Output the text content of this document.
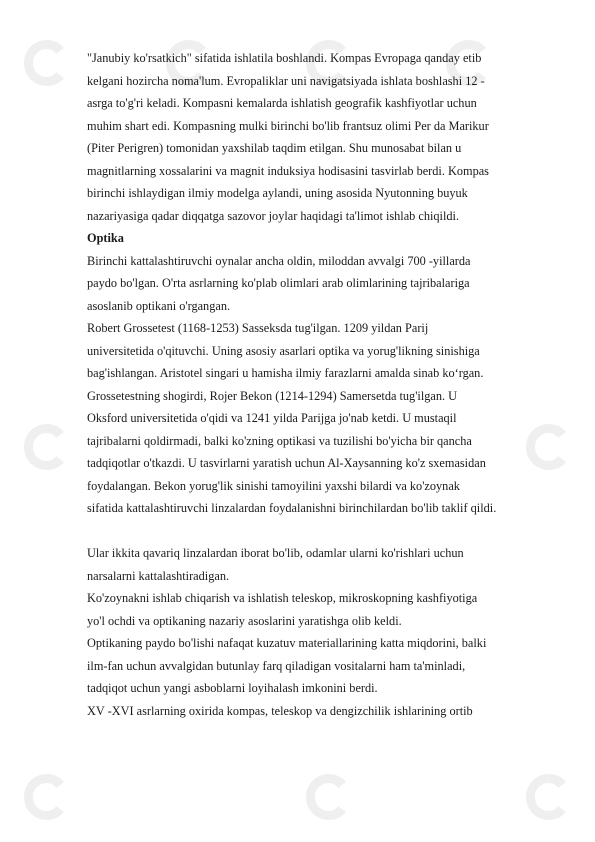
"Janubiy ko'rsatkich" sifatida ishlatila boshlandi. Kompas Evropaga qanday etib
kelgani hozircha noma'lum. Evropaliklar uni navigatsiyada ishlata boshlashi 12 -
asrga to'g'ri keladi. Kompasni kemalarda ishlatish geografik kashfiyotlar uchun
muhim shart edi. Kompasning mulki birinchi bo'lib frantsuz olimi Per da Marikur
(Piter Perigren) tomonidan yaxshilab taqdim etilgan. Shu munosabat bilan u
magnitlarning xossalarini va magnit induksiya hodisasini tasvirlab berdi. Kompas
birinchi ishlaydigan ilmiy modelga aylandi, uning asosida Nyutonning buyuk
nazariyasiga qadar diqqatga sazovor joylar haqidagi ta'limot ishlab chiqildi.
Optika
Birinchi kattalashtiruvchi oynalar ancha oldin, miloddan avvalgi 700 -yillarda
paydo bo'lgan. O'rta asrlarning ko'plab olimlari arab olimlarining tajribalariga
asoslanib optikani o'rgangan.
Robert Grossetest (1168-1253) Sasseksda tug'ilgan. 1209 yildan Parij
universitetida o'qituvchi. Uning asosiy asarlari optika va yorug'likning sinishiga
bag'ishlangan. Aristotel singari u hamisha ilmiy farazlarni amalda sinab ko‘rgan.
Grossetestning shogirdi, Rojer Bekon (1214-1294) Samersetda tug'ilgan. U
Oksford universitetida o'qidi va 1241 yilda Parijga jo'nab ketdi. U mustaqil
tajribalarni qoldirmadi, balki ko'zning optikasi va tuzilishi bo'yicha bir qancha
tadqiqotlar o'tkazdi. U tasvirlarni yaratish uchun Al-Xaysanning ko'z sxemasidan
foydalangan. Bekon yorug'lik sinishi tamoyilini yaxshi bilardi va ko'zoynak
sifatida kattalashtiruvchi linzalardan foydalanishni birinchilardan bo'lib taklif qildi.
Ular ikkita qavariq linzalardan iborat bo'lib, odamlar ularni ko'rishlari uchun
narsalarni kattalashtiradigan.
Ko'zoynakni ishlab chiqarish va ishlatish teleskop, mikroskopning kashfiyotiga
yo'l ochdi va optikaning nazariy asoslarini yaratishga olib keldi.
Optikaning paydo bo'lishi nafaqat kuzatuv materiallarining katta miqdorini, balki
ilm-fan uchun avvalgidan butunlay farq qiladigan vositalarni ham ta'minladi,
tadqiqot uchun yangi asboblarni loyihalash imkonini berdi.
XV -XVI asrlarning oxirida kompas, teleskop va dengizchilik ishlarining ortib
